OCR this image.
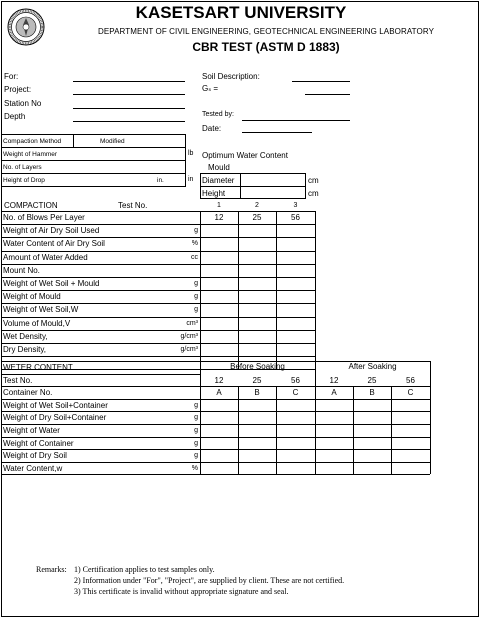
KASETSART UNIVERSITY
DEPARTMENT OF CIVIL ENGINEERING, GEOTECHNICAL ENGINEERING LABORATORY
CBR TEST (ASTM D 1883)
For:
Project:
Station No
Depth
Soil Description:
Gₛ =
Tested by:
Date:
Compaction Method	Modified
Weight of Hammer	lb
No. of Layers
Height of Drop	in.	in
Optimum Water Content
Mould
Diameter
Height
cm
cm
COMPACTION	Test No.	1	2	3
No. of Blows Per Layer	12	25	56
Weight of Air Dry Soil Used	g
Water Content of Air Dry Soil	%
Amount of Water Added	cc
Mount No.
Weight of Wet Soil + Mould	g
Weight of Mould	g
Weight of Wet Soil,W	g
Volume of Mould,V	cm³
Wet Density,	g/cm³
Dry Density,	g/cm³
WETER CONTENT	Before Soaking	After Soaking
Test No.	12	25	56	12	25	56
Container No.	A	B	C	A	B	C
Weight of Wet Soil+Container	g
Weight of Dry Soil+Container	g
Weight of Water	g
Weight of Container	g
Weight of Dry Soil	g
Water Content,w	%
Remarks: 1) Certification applies to test samples only.
2) Information under "For", "Project", are supplied by client. These are not certified.
3) This certificate is invalid without appropriate signature and seal.
